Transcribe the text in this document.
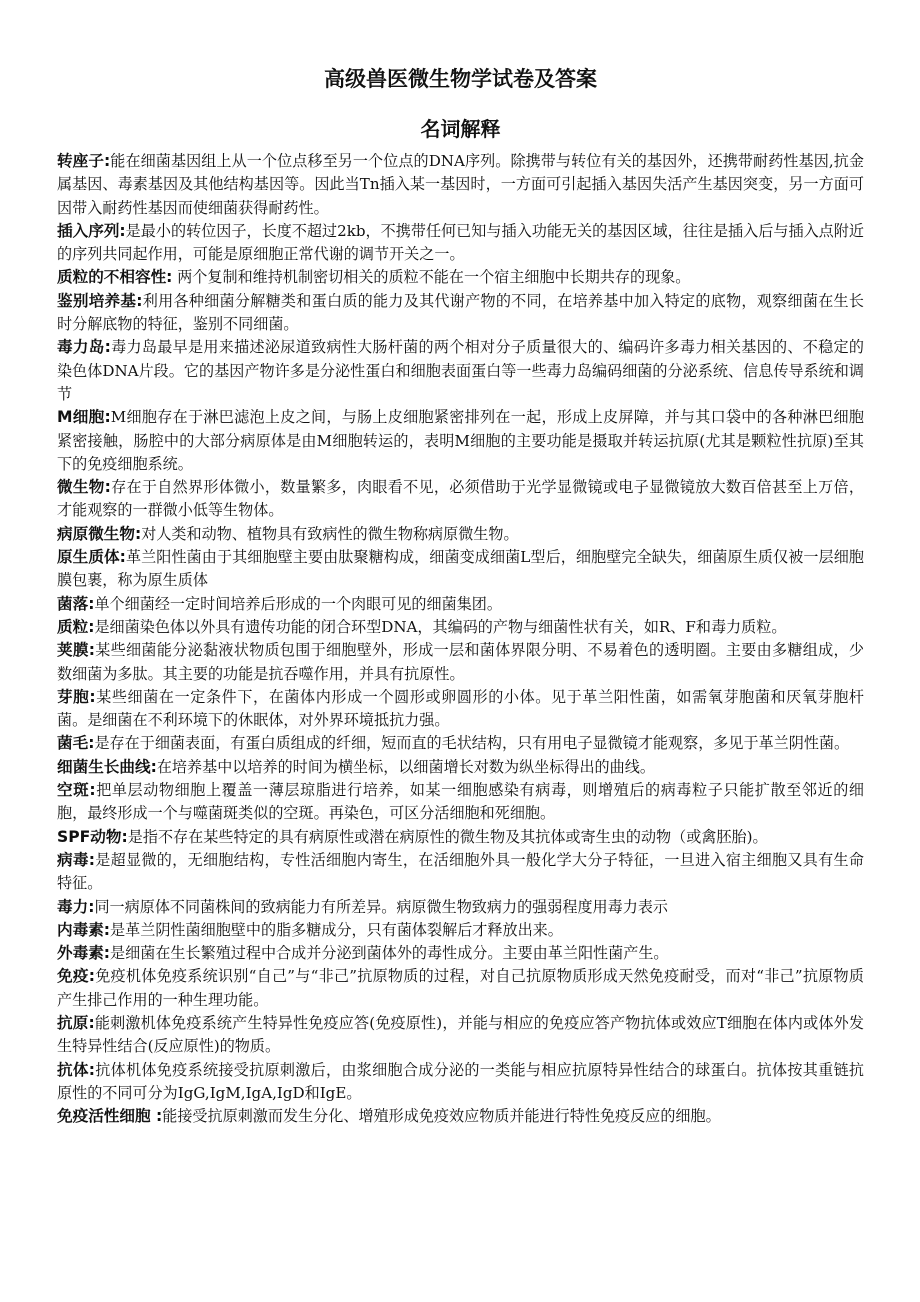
高级兽医微生物学试卷及答案
名词解释

转座子:能在细菌基因组上从一个位点移至另一个位点的DNA序列。除携带与转位有关的基因外，还携带耐药性基因,抗金属基因、毒素基因及其他结构基因等。因此当Tn插入某一基因时，一方面可引起插入基因失活产生基因突变，另一方面可因带入耐药性基因而使细菌获得耐药性。

插入序列:是最小的转位因子，长度不超过2kb，不携带任何已知与插入功能无关的基因区域，往往是插入后与插入点附近的序列共同起作用，可能是原细胞正常代谢的调节开关之一。

质粒的不相容性: 两个复制和维持机制密切相关的质粒不能在一个宿主细胞中长期共存的现象。

鉴别培养基:利用各种细菌分解糖类和蛋白质的能力及其代谢产物的不同，在培养基中加入特定的底物，观察细菌在生长时分解底物的特征，鉴别不同细菌。

毒力岛:毒力岛最早是用来描述泌尿道致病性大肠杆菌的两个相对分子质量很大的、编码许多毒力相关基因的、不稳定的染色体DNA片段。它的基因产物许多是分泌性蛋白和细胞表面蛋白等一些毒力岛编码细菌的分泌系统、信息传导系统和调节

M细胞:M细胞存在于淋巴滤泡上皮之间，与肠上皮细胞紧密排列在一起，形成上皮屏障，并与其口袋中的各种淋巴细胞紧密接触，肠腔中的大部分病原体是由M细胞转运的，表明M细胞的主要功能是摄取并转运抗原(尤其是颗粒性抗原)至其下的免疫细胞系统。

微生物:存在于自然界形体微小，数量繁多，肉眼看不见，必须借助于光学显微镜或电子显微镜放大数百倍甚至上万倍，才能观察的一群微小低等生物体。

病原微生物:对人类和动物、植物具有致病性的微生物称病原微生物。

原生质体:革兰阳性菌由于其细胞壁主要由肽聚糖构成，细菌变成细菌L型后，细胞壁完全缺失，细菌原生质仅被一层细胞膜包裹，称为原生质体

菌落:单个细菌经一定时间培养后形成的一个肉眼可见的细菌集团。

质粒:是细菌染色体以外具有遗传功能的闭合环型DNA，其编码的产物与细菌性状有关，如R、F和毒力质粒。

荚膜:某些细菌能分泌黏液状物质包围于细胞壁外，形成一层和菌体界限分明、不易着色的透明圈。主要由多糖组成，少数细菌为多肽。其主要的功能是抗吞噬作用，并具有抗原性。

芽胞:某些细菌在一定条件下，在菌体内形成一个圆形或卵圆形的小体。见于革兰阳性菌，如需氧芽胞菌和厌氧芽胞杆菌。是细菌在不利环境下的休眠体，对外界环境抵抗力强。

菌毛:是存在于细菌表面，有蛋白质组成的纤细，短而直的毛状结构，只有用电子显微镜才能观察，多见于革兰阴性菌。

细菌生长曲线:在培养基中以培养的时间为横坐标，以细菌增长对数为纵坐标得出的曲线。

空斑:把单层动物细胞上覆盖一薄层琼脂进行培养，如某一细胞感染有病毒，则增殖后的病毒粒子只能扩散至邻近的细胞，最终形成一个与噬菌斑类似的空斑。再染色，可区分活细胞和死细胞。

SPF动物:是指不存在某些特定的具有病原性或潜在病原性的微生物及其抗体或寄生虫的动物（或禽胚胎)。

病毒:是超显微的，无细胞结构，专性活细胞内寄生，在活细胞外具一般化学大分子特征，一旦进入宿主细胞又具有生命特征。

毒力:同一病原体不同菌株间的致病能力有所差异。病原微生物致病力的强弱程度用毒力表示

内毒素:是革兰阴性菌细胞壁中的脂多糖成分，只有菌体裂解后才释放出来。

外毒素:是细菌在生长繁殖过程中合成并分泌到菌体外的毒性成分。主要由革兰阳性菌产生。

免疫:免疫机体免疫系统识别“自己”与“非己”抗原物质的过程，对自己抗原物质形成天然免疫耐受，而对“非己”抗原物质产生排己作用的一种生理功能。

抗原:能刺激机体免疫系统产生特异性免疫应答(免疫原性)，并能与相应的免疫应答产物抗体或效应T细胞在体内或体外发生特异性结合(反应原性)的物质。

抗体:抗体机体免疫系统接受抗原刺激后，由浆细胞合成分泌的一类能与相应抗原特异性结合的球蛋白。抗体按其重链抗原性的不同可分为IgG,IgM,IgA,IgD和IgE。

免疫活性细胞 :能接受抗原刺激而发生分化、增殖形成免疫效应物质并能进行特性免疫反应的细胞。
